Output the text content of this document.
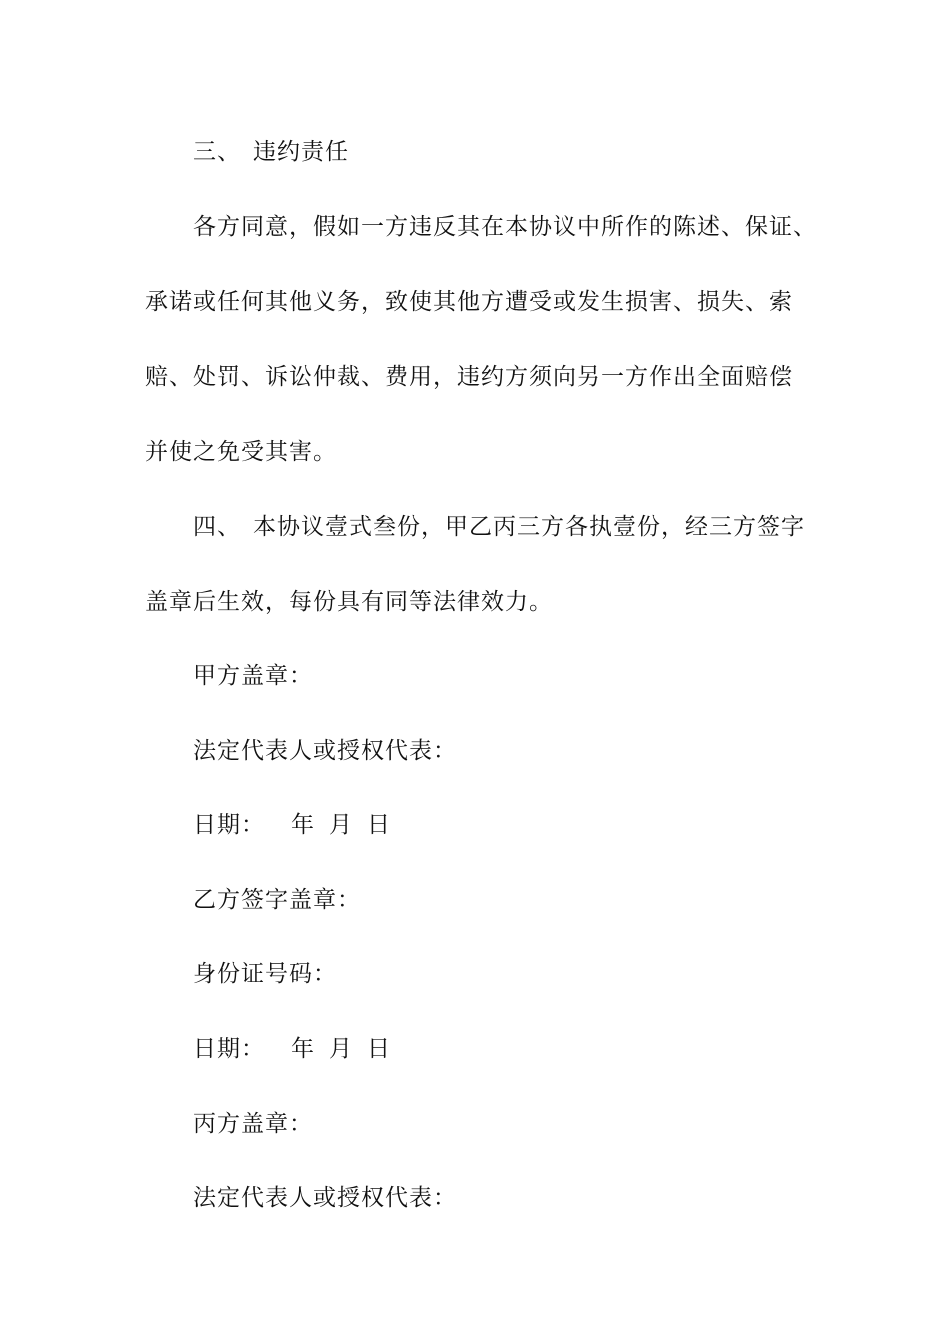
三、 违约责任
各方同意，假如一方违反其在本协议中所作的陈述、保证、
承诺或任何其他义务，致使其他方遭受或发生损害、损失、索
赔、处罚、诉讼仲裁、费用，违约方须向另一方作出全面赔偿
并使之免受其害。
四、 本协议壹式叁份，甲乙丙三方各执壹份，经三方签字
盖章后生效，每份具有同等法律效力。
甲方盖章：
法定代表人或授权代表：
日期： 年 月 日
乙方签字盖章：
身份证号码：
日期： 年 月 日
丙方盖章：
法定代表人或授权代表：
